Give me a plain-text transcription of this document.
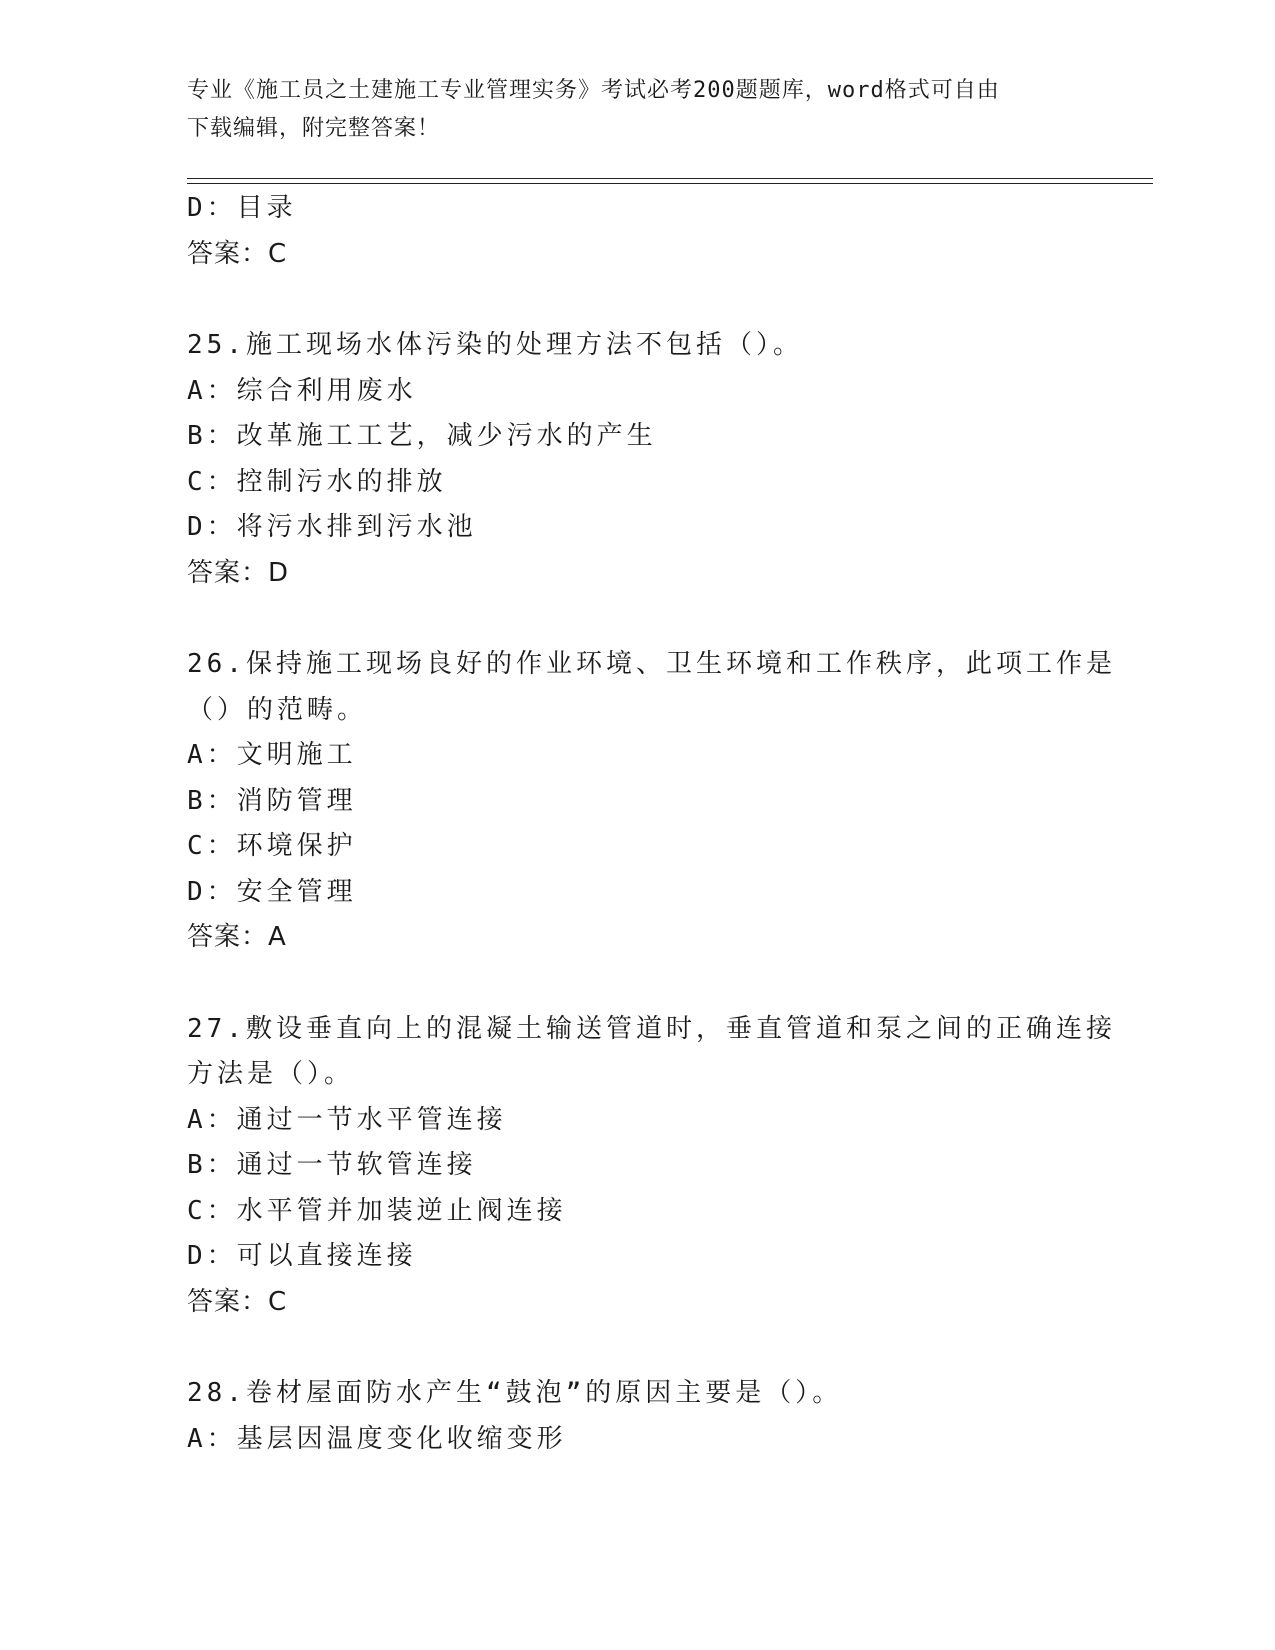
专业《施工员之土建施工专业管理实务》考试必考200题题库，word格式可自由
下载编辑，附完整答案！
D：目录
答案：C
25.施工现场水体污染的处理方法不包括（）。
A：综合利用废水
B：改革施工工艺，减少污水的产生
C：控制污水的排放
D：将污水排到污水池
答案：D
26.保持施工现场良好的作业环境、卫生环境和工作秩序，此项工作是
（）的范畴。
A：文明施工
B：消防管理
C：环境保护
D：安全管理
答案：A
27.敷设垂直向上的混凝土输送管道时，垂直管道和泵之间的正确连接
方法是（）。
A：通过一节水平管连接
B：通过一节软管连接
C：水平管并加装逆止阀连接
D：可以直接连接
答案：C
28.卷材屋面防水产生“鼓泡”的原因主要是（）。
A：基层因温度变化收缩变形
